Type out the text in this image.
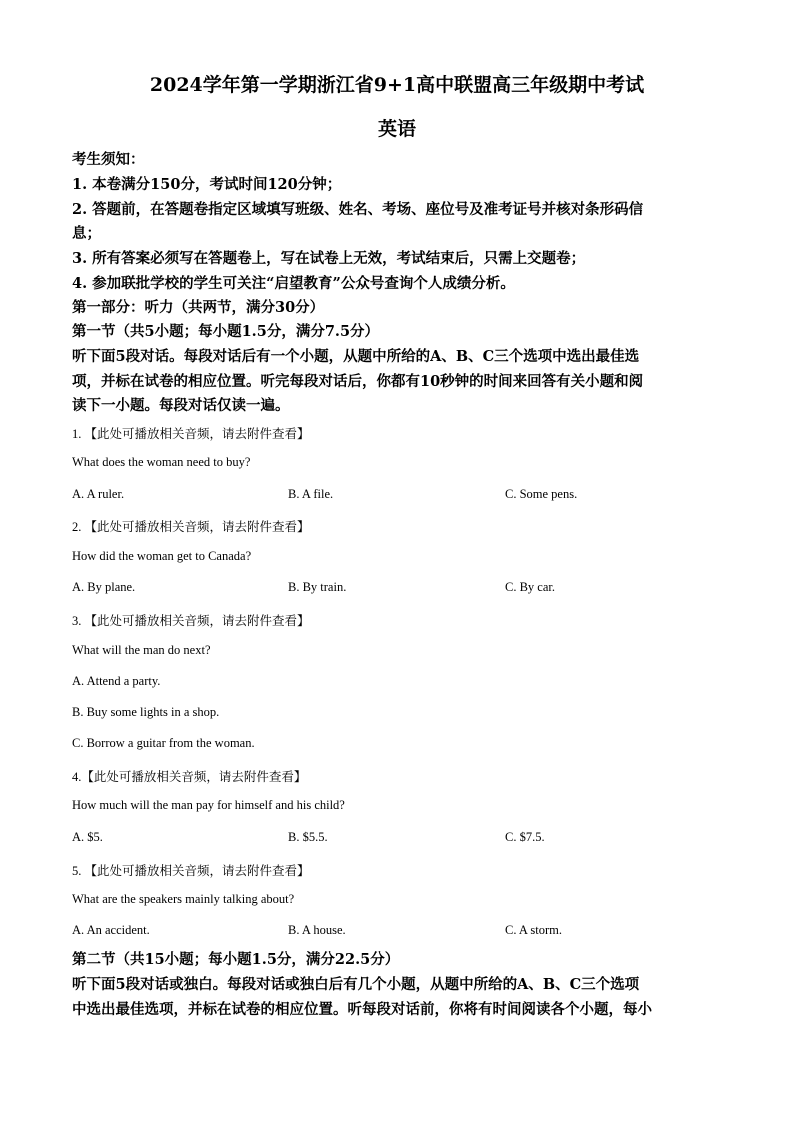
2024学年第一学期浙江省9+1高中联盟高三年级期中考试
英语

考生须知：

1. 本卷满分150分，考试时间120分钟；

2. 答题前，在答题卷指定区域填写班级、姓名、考场、座位号及准考证号并核对条形码信

息；

3. 所有答案必须写在答题卷上，写在试卷上无效，考试结束后，只需上交题卷；

4. 参加联批学校的学生可关注“启望教育”公众号查询个人成绩分析。

第一部分：听力（共两节，满分30分）

第一节（共5小题；每小题1.5分，满分7.5分）

听下面5段对话。每段对话后有一个小题，从题中所给的A、B、C三个选项中选出最佳选

项，并标在试卷的相应位置。听完每段对话后，你都有10秒钟的时间来回答有关小题和阅

读下一小题。每段对话仅读一遍。

1. 【此处可播放相关音频，请去附件查看】

What does the woman need to buy?

A. A ruler.	B. A file.	C. Some pens.

2. 【此处可播放相关音频，请去附件查看】

How did the woman get to Canada?

A. By plane.	B. By train.	C. By car.

3. 【此处可播放相关音频，请去附件查看】

What will the man do next?

A. Attend a party.

B. Buy some lights in a shop.

C. Borrow a guitar from the woman.

4.【此处可播放相关音频，请去附件查看】

How much will the man pay for himself and his child?

A. $5.	B. $5.5.	C. $7.5.

5. 【此处可播放相关音频，请去附件查看】

What are the speakers mainly talking about?

A. An accident.	B. A house.	C. A storm.

第二节（共15小题；每小题1.5分，满分22.5分）

听下面5段对话或独白。每段对话或独白后有几个小题，从题中所给的A、B、C三个选项

中选出最佳选项，并标在试卷的相应位置。听每段对话前，你将有时间阅读各个小题，每小
